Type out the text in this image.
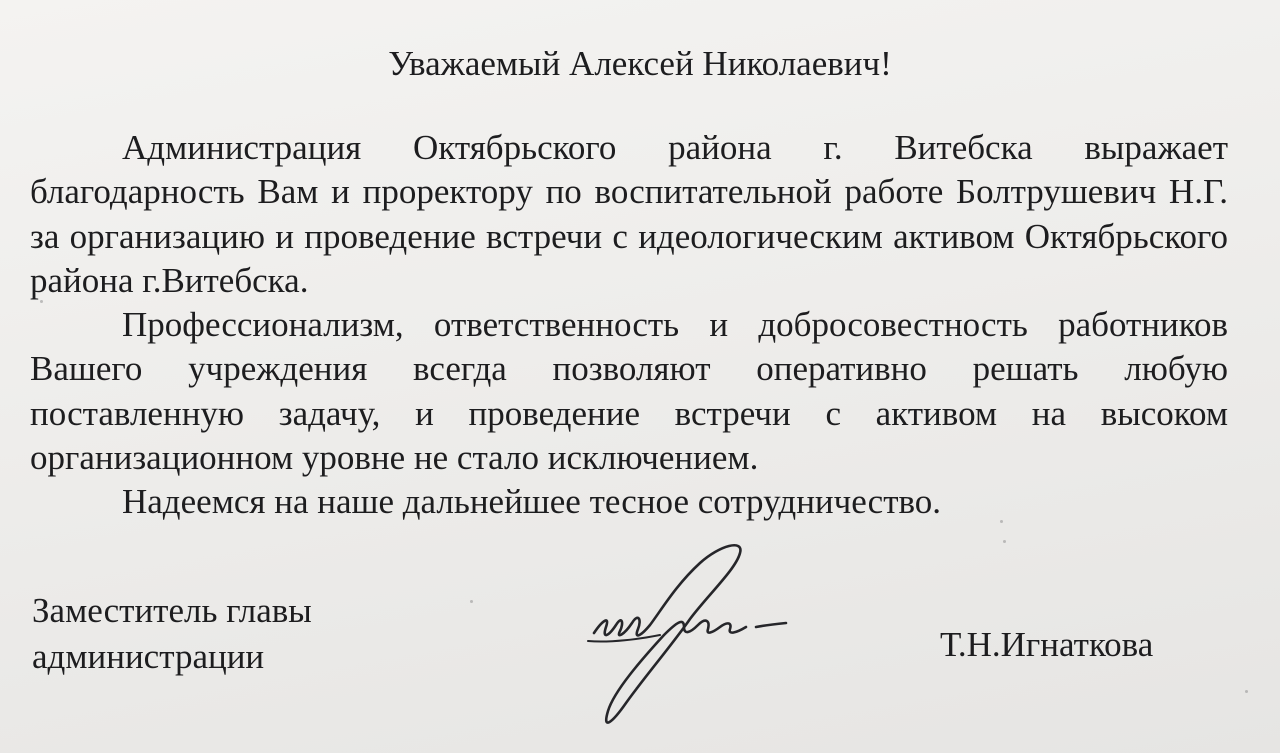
Уважаемый Алексей Николаевич!

Администрация Октябрьского района г. Витебска выражает благодарность Вам и проректору по воспитательной работе Болтрушевич Н.Г. за организацию и проведение встречи с идеологическим активом Октябрьского района г.Витебска.

Профессионализм, ответственность и добросовестность работников Вашего учреждения всегда позволяют оперативно решать любую поставленную задачу, и проведение встречи с активом на высоком организационном уровне не стало исключением.

Надеемся на наше дальнейшее тесное сотрудничество.

Заместитель главы
администрации	Т.Н.Игнаткова
